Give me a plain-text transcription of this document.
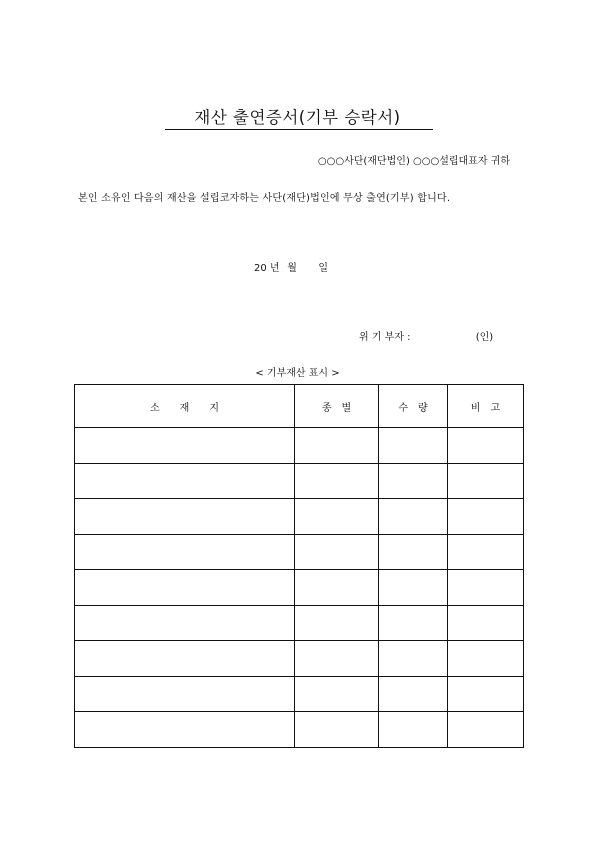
재산 출연증서(기부 승락서)
○○○사단(재단법인) ○○○설립대표자 귀하
본인 소유인 다음의 재산을 설립코자하는 사단(재단)법인에 무상 출연(기부) 합니다.
20 년 월 일
위 기 부자 :	(인)
< 기부재산 표시 >
소　　재　　지	종　별	수　량	비　고
